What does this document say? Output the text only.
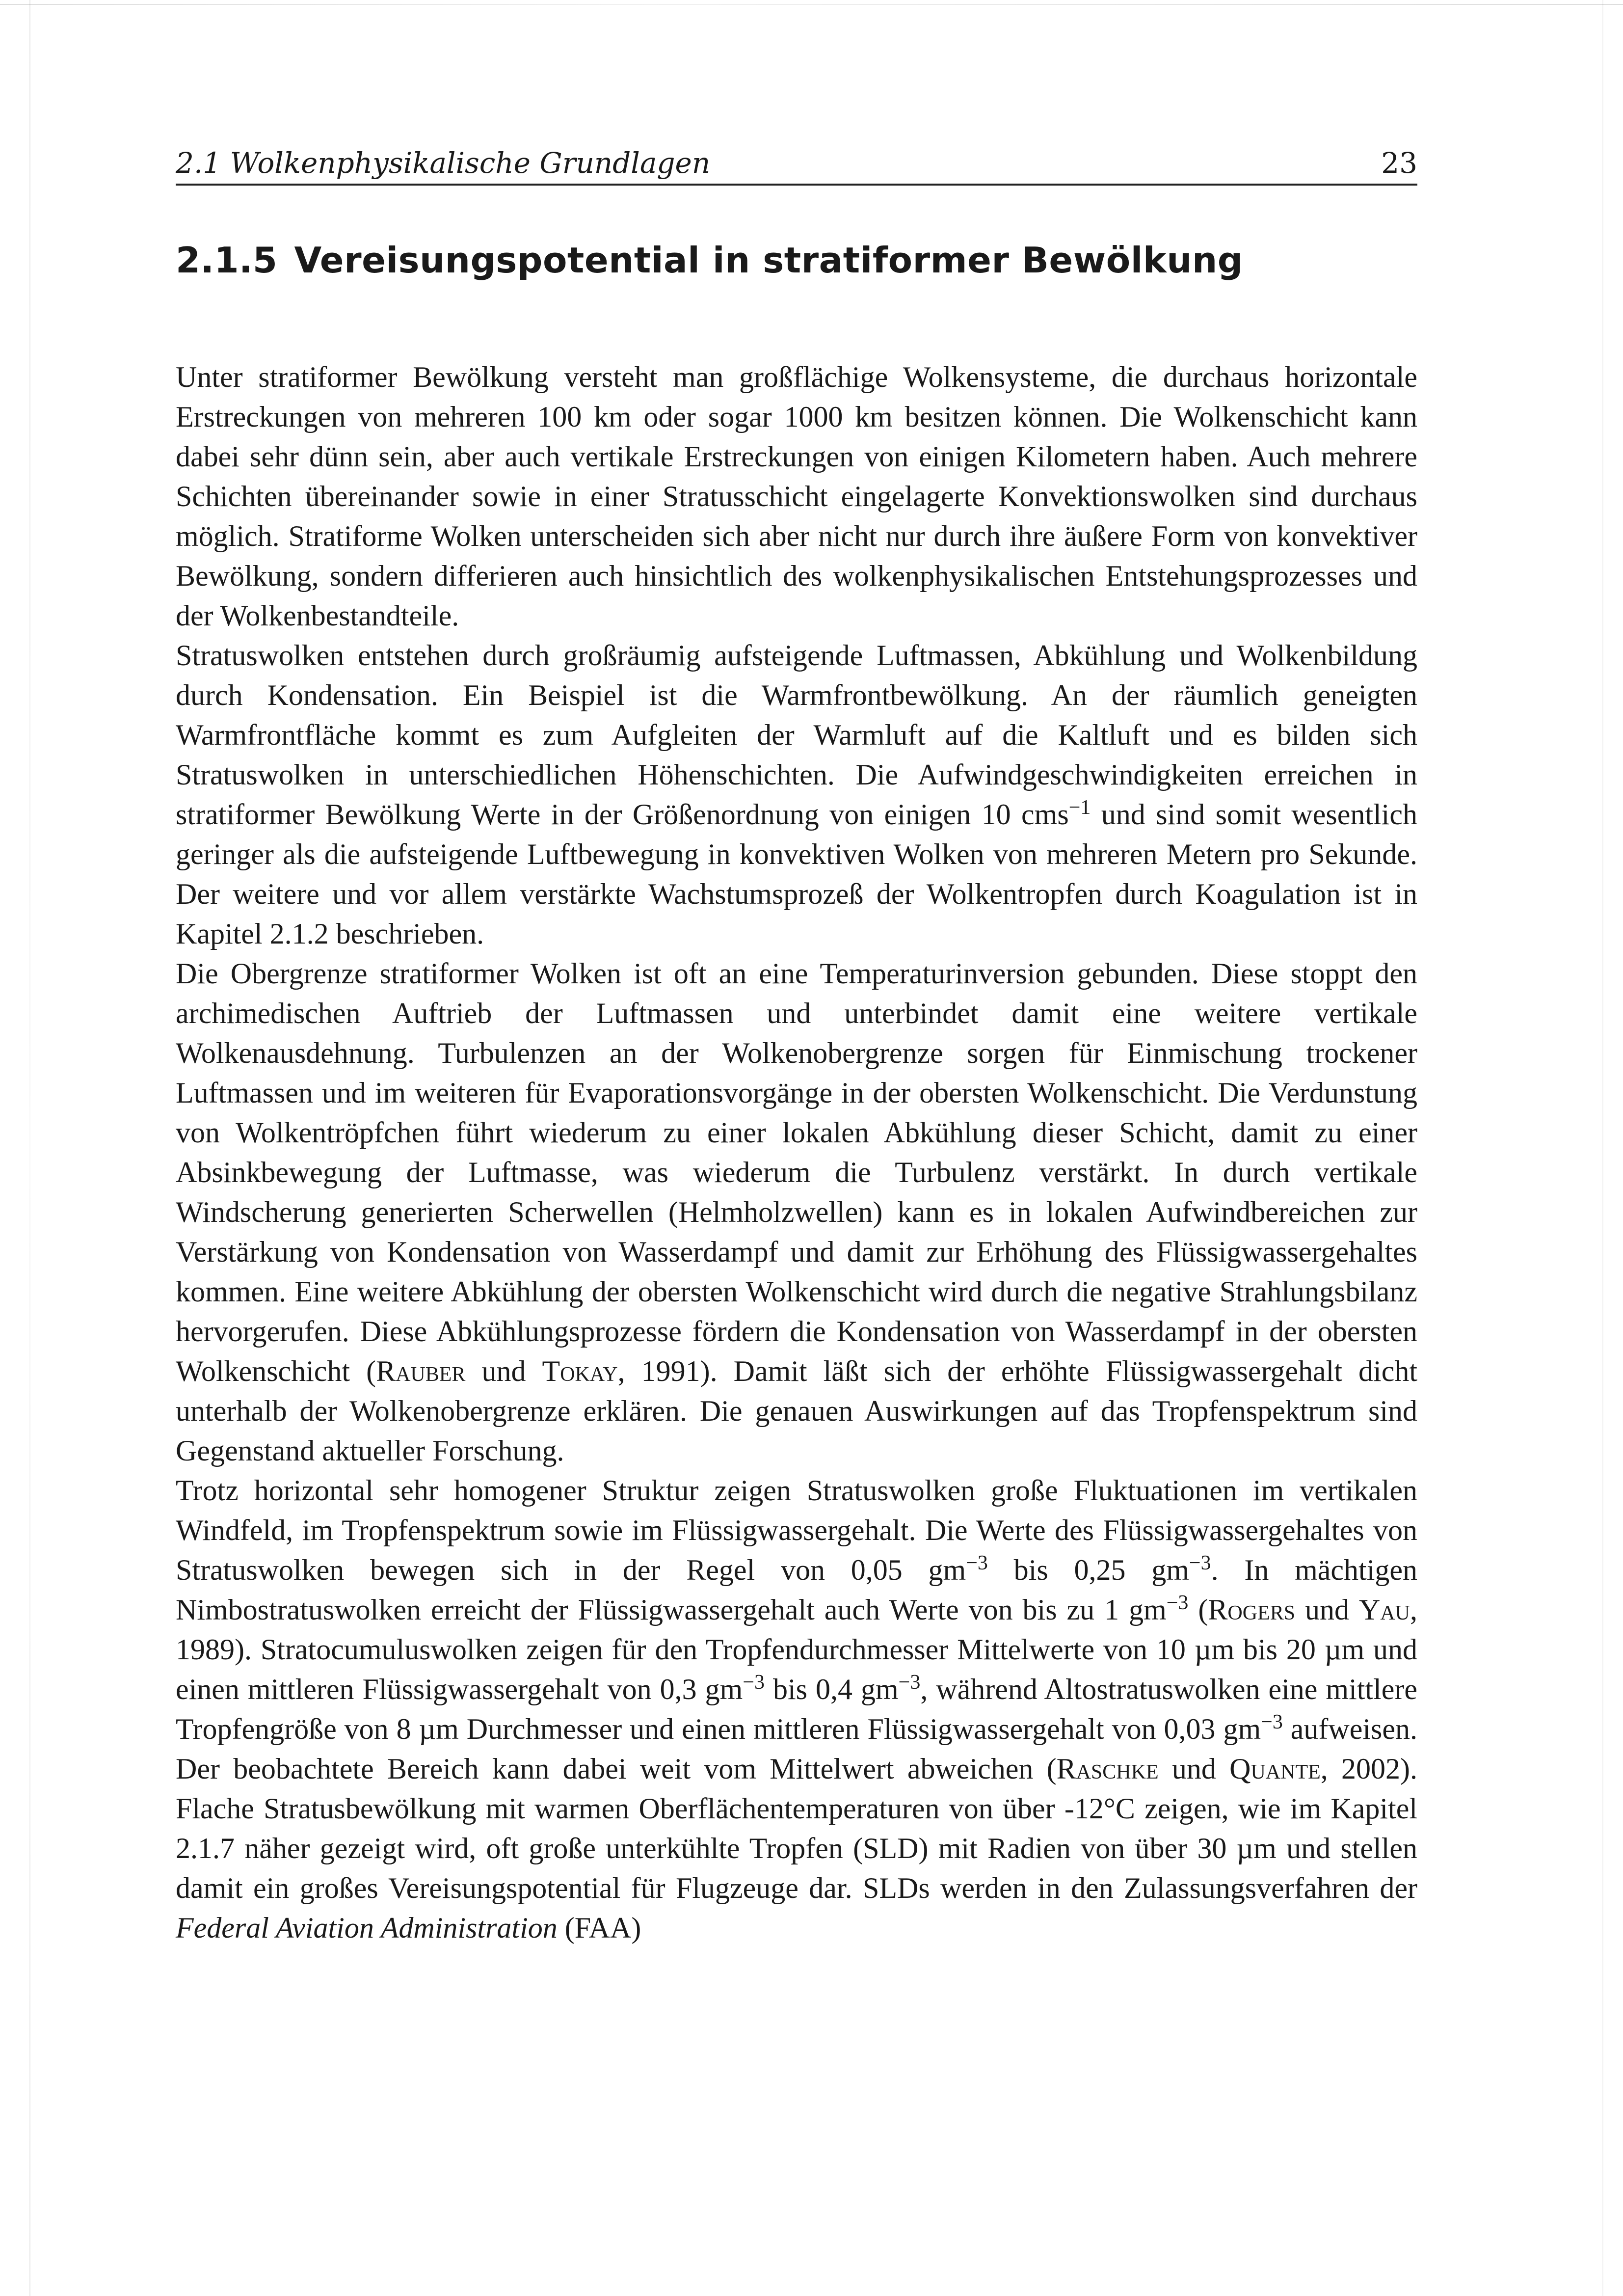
2.1 Wolkenphysikalische Grundlagen	23
2.1.5 Vereisungspotential in stratiformer Bewölkung

Unter stratiformer Bewölkung versteht man großflächige Wolkensysteme, die durchaus horizontale Erstreckungen von mehreren 100 km oder sogar 1000 km besitzen können. Die Wolkenschicht kann dabei sehr dünn sein, aber auch vertikale Erstreckungen von einigen Kilometern haben. Auch mehrere Schichten übereinander sowie in einer Stratusschicht eingelagerte Konvektionswolken sind durchaus möglich. Stratiforme Wolken unterscheiden sich aber nicht nur durch ihre äußere Form von konvektiver Bewölkung, sondern differieren auch hinsichtlich des wolkenphysikalischen Entstehungsprozesses und der Wolkenbestandteile.

Stratuswolken entstehen durch großräumig aufsteigende Luftmassen, Abkühlung und Wolkenbildung durch Kondensation. Ein Beispiel ist die Warmfrontbewölkung. An der räumlich geneigten Warmfrontfläche kommt es zum Aufgleiten der Warmluft auf die Kaltluft und es bilden sich Stratuswolken in unterschiedlichen Höhenschichten. Die Aufwindgeschwindigkeiten erreichen in stratiformer Bewölkung Werte in der Größenordnung von einigen 10 cms$^{-1}$ und sind somit wesentlich geringer als die aufsteigende Luftbewegung in konvektiven Wolken von mehreren Metern pro Sekunde. Der weitere und vor allem verstärkte Wachstumsprozeß der Wolkentropfen durch Koagulation ist in Kapitel 2.1.2 beschrieben.

Die Obergrenze stratiformer Wolken ist oft an eine Temperaturinversion gebunden. Diese stoppt den archimedischen Auftrieb der Luftmassen und unterbindet damit eine weitere vertikale Wolkenausdehnung. Turbulenzen an der Wolkenobergrenze sorgen für Einmischung trockener Luftmassen und im weiteren für Evaporationsvorgänge in der obersten Wolkenschicht. Die Verdunstung von Wolkentröpfchen führt wiederum zu einer lokalen Abkühlung dieser Schicht, damit zu einer Absinkbewegung der Luftmasse, was wiederum die Turbulenz verstärkt. In durch vertikale Windscherung generierten Scherwellen (Helmholzwellen) kann es in lokalen Aufwindbereichen zur Verstärkung von Kondensation von Wasserdampf und damit zur Erhöhung des Flüssigwassergehaltes kommen. Eine weitere Abkühlung der obersten Wolkenschicht wird durch die negative Strahlungsbilanz hervorgerufen. Diese Abkühlungsprozesse fördern die Kondensation von Wasserdampf in der obersten Wolkenschicht (Rauber und Tokay, 1991). Damit läßt sich der erhöhte Flüssigwassergehalt dicht unterhalb der Wolkenobergrenze erklären. Die genauen Auswirkungen auf das Tropfenspektrum sind Gegenstand aktueller Forschung.

Trotz horizontal sehr homogener Struktur zeigen Stratuswolken große Fluktuationen im vertikalen Windfeld, im Tropfenspektrum sowie im Flüssigwassergehalt. Die Werte des Flüssigwassergehaltes von Stratuswolken bewegen sich in der Regel von 0,05 $gm^{-3}$ bis 0,25 $gm^{-3}$. In mächtigen Nimbostratuswolken erreicht der Flüssigwassergehalt auch Werte von bis zu 1 $gm^{-3}$ (Rogers und Yau, 1989). Stratocumuluswolken zeigen für den Tropfendurchmesser Mittelwerte von 10 µm bis 20 µm und einen mittleren Flüssigwassergehalt von 0,3 $gm^{-3}$ bis 0,4 $gm^{-3}$, während Altostratuswolken eine mittlere Tropfengröße von 8 µm Durchmesser und einen mittleren Flüssigwassergehalt von 0,03 $gm^{-3}$ aufweisen. Der beobachtete Bereich kann dabei weit vom Mittelwert abweichen (Raschke und Quante, 2002). Flache Stratusbewölkung mit warmen Oberflächentemperaturen von über -12°C zeigen, wie im Kapitel 2.1.7 näher gezeigt wird, oft große unterkühlte Tropfen (SLD) mit Radien von über 30 µm und stellen damit ein großes Vereisungspotential für Flugzeuge dar. SLDs werden in den Zulassungsverfahren der Federal Aviation Administration (FAA)
